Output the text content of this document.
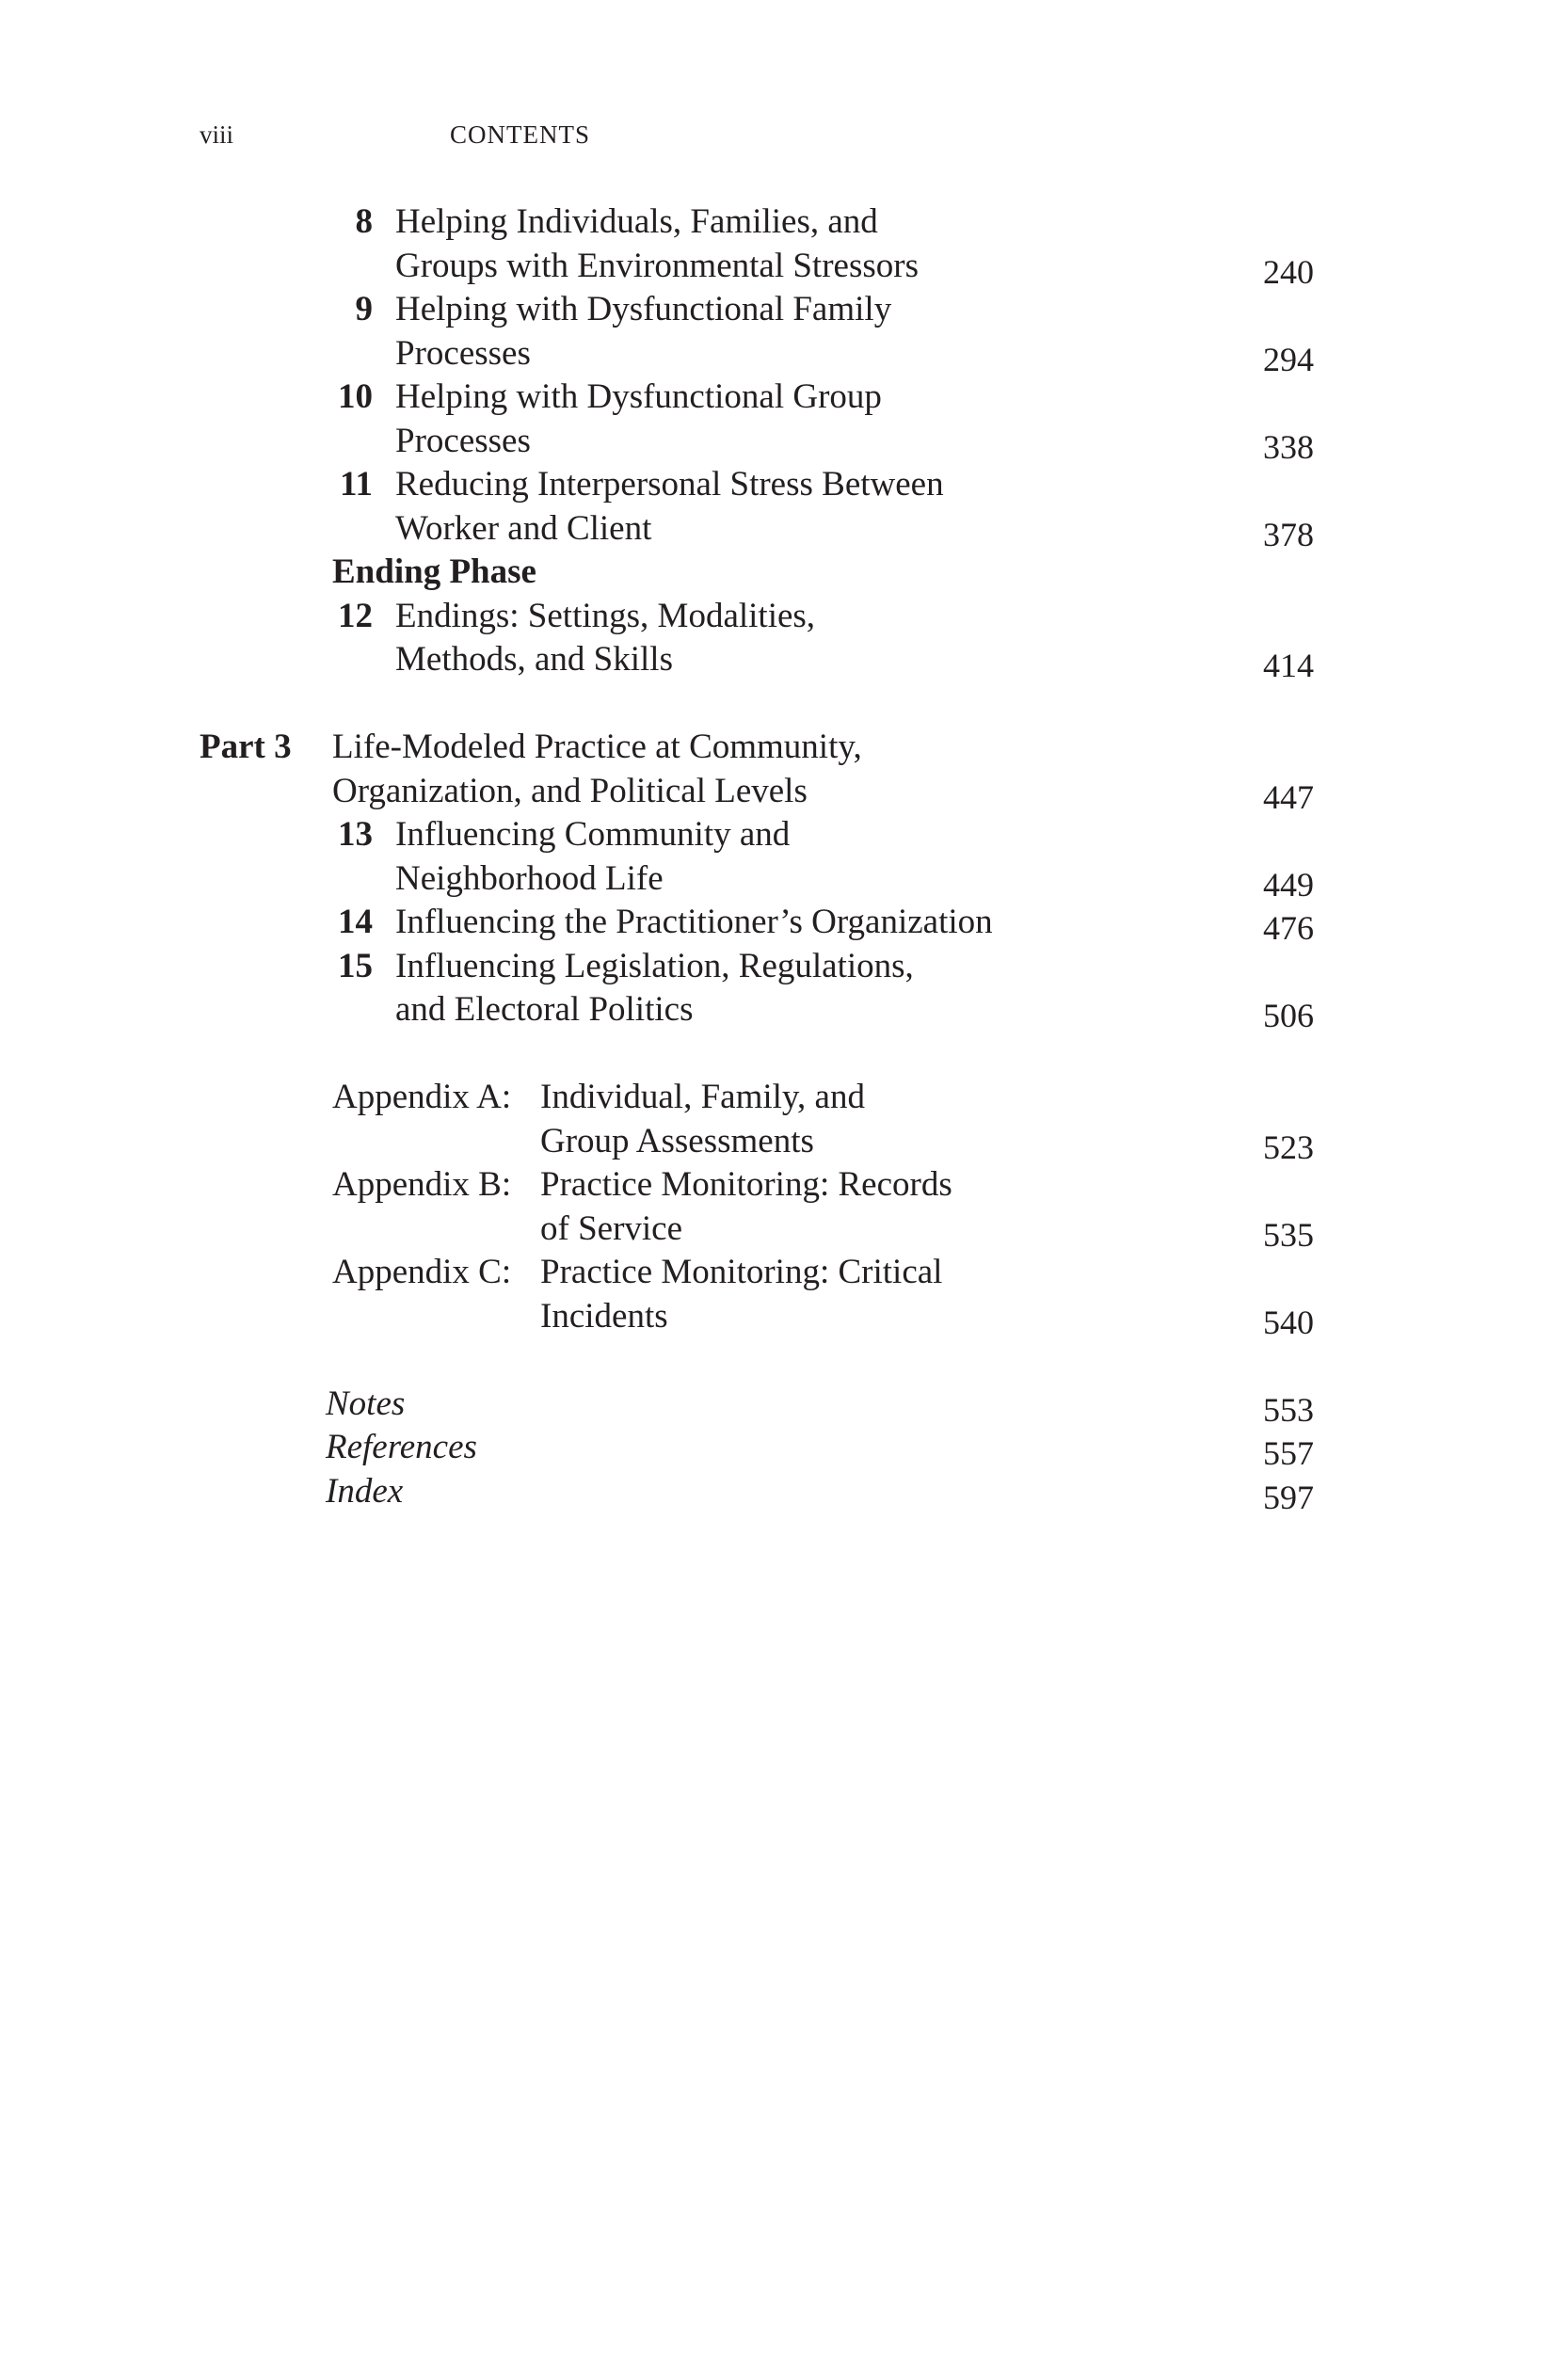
viii	CONTENTS
8 Helping Individuals, Families, and
Groups with Environmental Stressors	240
9 Helping with Dysfunctional Family
Processes	294
10 Helping with Dysfunctional Group
Processes	338
11 Reducing Interpersonal Stress Between
Worker and Client	378
Ending Phase
12 Endings: Settings, Modalities,
Methods, and Skills	414
Part 3 Life-Modeled Practice at Community,
Organization, and Political Levels	447
13 Influencing Community and
Neighborhood Life	449
14 Influencing the Practitioner’s Organization	476
15 Influencing Legislation, Regulations,
and Electoral Politics	506
Appendix A: Individual, Family, and
Group Assessments	523
Appendix B: Practice Monitoring: Records
of Service	535
Appendix C: Practice Monitoring: Critical
Incidents	540
Notes	553
References	557
Index	597
